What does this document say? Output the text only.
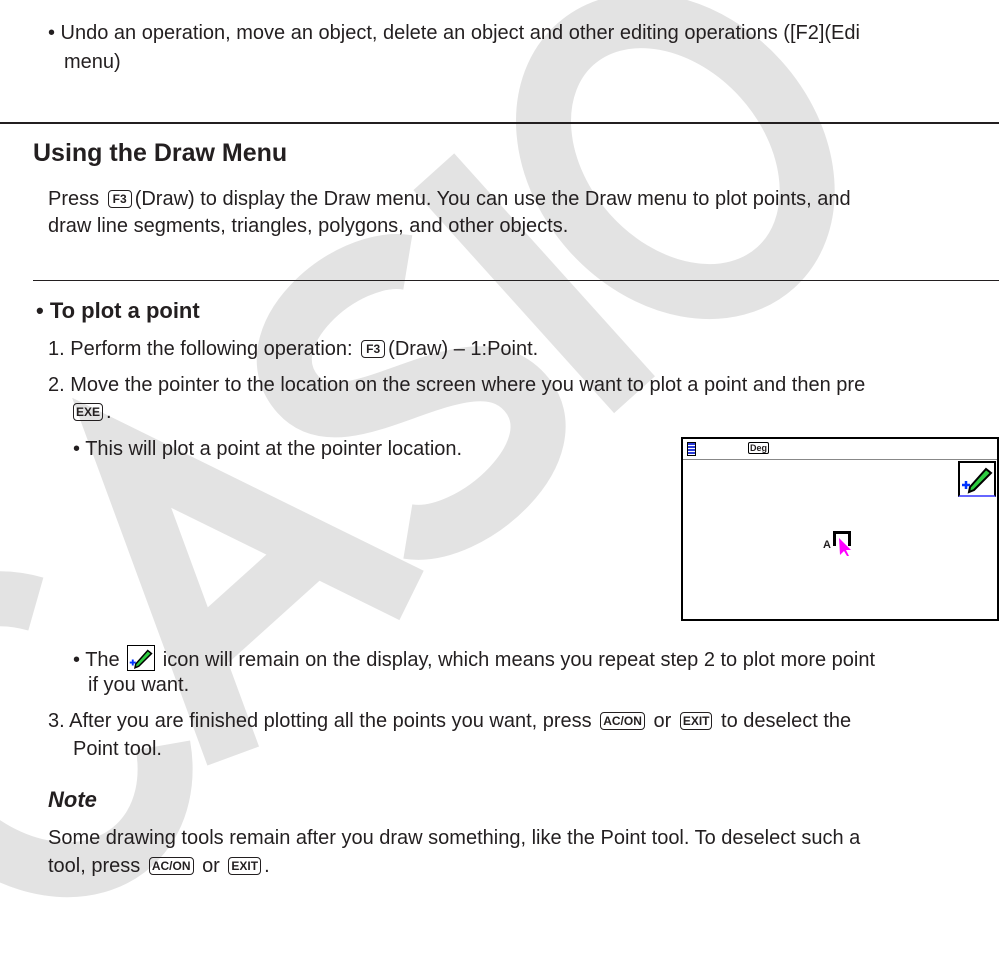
• Undo an operation, move an object, delete an object and other editing operations ([F2](Edi
menu)
Using the Draw Menu
Press F3 (Draw) to display the Draw menu. You can use the Draw menu to plot points, and
draw line segments, triangles, polygons, and other objects.
• To plot a point
1. Perform the following operation: F3 (Draw) – 1:Point.
2. Move the pointer to the location on the screen where you want to plot a point and then pre
EXE .
• This will plot a point at the pointer location.	Deg
A
• The icon will remain on the display, which means you repeat step 2 to plot more point
if you want.
3. After you are finished plotting all the points you want, press AC/ON or EXIT to deselect the
Point tool.
Note
Some drawing tools remain after you draw something, like the Point tool. To deselect such a
tool, press AC/ON or EXIT .
